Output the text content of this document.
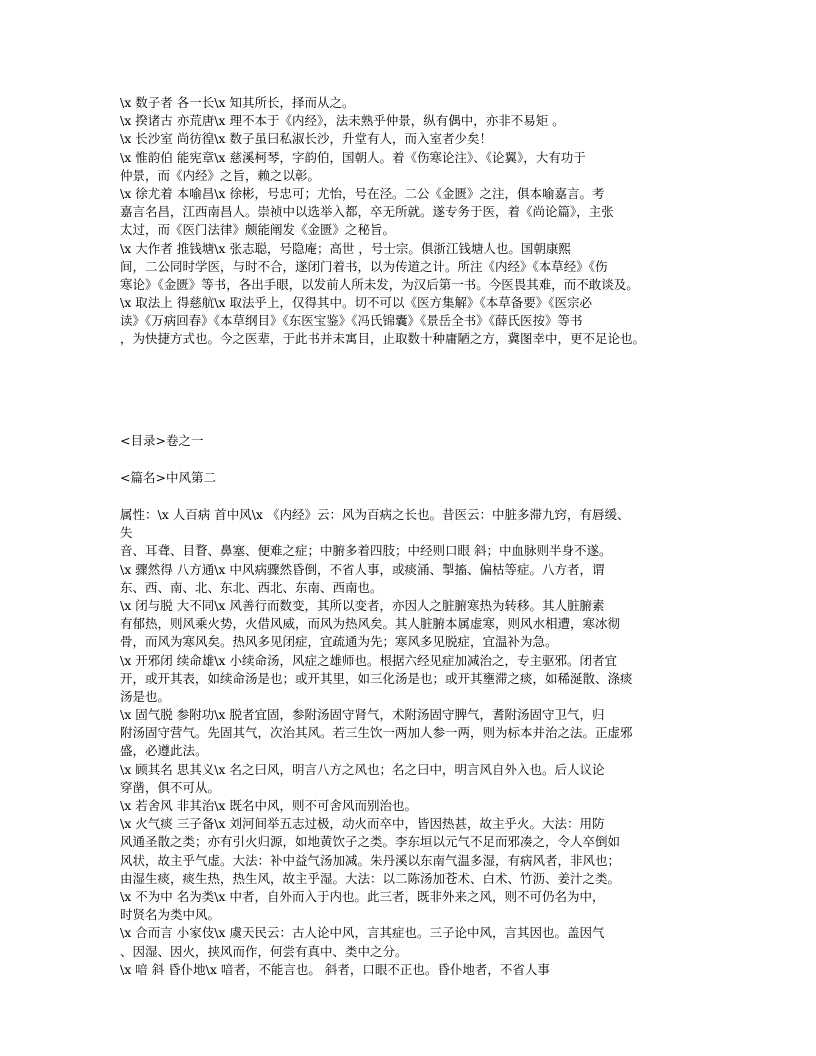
\x 数子者 各一长\x 知其所长，择而从之。
\x 揆诸古 亦荒唐\x 理不本于《内经》，法未熟乎仲景，纵有偶中，亦非不易矩 。
\x 长沙室 尚彷徨\x 数子虽曰私淑长沙，升堂有人，而入室者少矣！
\x 惟韵伯 能宪章\x 慈溪柯琴，字韵伯，国朝人。着《伤寒论注》、《论翼》，大有功于
仲景，而《内经》之旨，赖之以彰。
\x 徐尤着 本喻昌\x 徐彬，号忠可；尤怡，号在泾。二公《金匮》之注，俱本喻嘉言。考
嘉言名昌，江西南昌人。崇祯中以选举入都，卒无所就。遂专务于医，着《尚论篇》，主张
太过，而《医门法律》颇能阐发《金匮》之秘旨。
\x 大作者 推钱塘\x 张志聪，号隐庵；高世 ，号士宗。俱浙江钱塘人也。国朝康熙
间，二公同时学医，与时不合，遂闭门着书，以为传道之计。所注《内经》《本草经》《伤
寒论》《金匮》等书，各出手眼，以发前人所未发，为汉后第一书。今医畏其难，而不敢谈及。
\x 取法上 得慈航\x 取法乎上，仅得其中。切不可以《医方集解》《本草备要》《医宗必
读》《万病回春》《本草纲目》《东医宝鉴》《冯氏锦囊》《景岳全书》《薛氏医按》等书
，为快捷方式也。今之医辈，于此书并未寓目，止取数十种庸陋之方，冀图幸中，更不足论也。
<目录>卷之一
<篇名>中风第二
属性：\x 人百病 首中风\x 《内经》云：风为百病之长也。昔医云：中脏多滞九窍，有唇缓、
失
音、耳聋、目瞀、鼻塞、便难之症；中腑多着四肢；中经则口眼 斜；中血脉则半身不遂。
\x 骤然得 八方通\x 中风病骤然昏倒，不省人事，或痰涌、掣搐、偏枯等症。八方者，谓
东、西、南、北、东北、西北、东南、西南也。
\x 闭与脱 大不同\x 风善行而数变，其所以变者，亦因人之脏腑寒热为转移。其人脏腑素
有郁热，则风乘火势，火借风威，而风为热风矣。其人脏腑本属虚寒，则风水相遭，寒冰彻
骨，而风为寒风矣。热风多见闭症，宜疏通为先；寒风多见脱症，宜温补为急。
\x 开邪闭 续命雄\x 小续命汤，风症之雄师也。根据六经见症加减治之，专主驱邪。闭者宜
开，或开其表，如续命汤是也；或开其里，如三化汤是也；或开其壅滞之痰，如稀涎散、涤痰
汤是也。
\x 固气脱 参附功\x 脱者宜固，参附汤固守肾气，术附汤固守脾气，耆附汤固守卫气，归
附汤固守营气。先固其气，次治其风。若三生饮一两加人参一两，则为标本并治之法。正虚邪
盛，必遵此法。
\x 顾其名 思其义\x 名之曰风，明言八方之风也；名之曰中，明言风自外入也。后人议论
穿凿，俱不可从。
\x 若舍风 非其治\x 既名中风，则不可舍风而别治也。
\x 火气痰 三子备\x 刘河间举五志过极，动火而卒中，皆因热甚，故主乎火。大法：用防
风通圣散之类；亦有引火归源，如地黄饮子之类。李东垣以元气不足而邪凑之，令人卒倒如
风状，故主乎气虚。大法：补中益气汤加减。朱丹溪以东南气温多湿，有病风者，非风也；
由湿生痰，痰生热，热生风，故主乎湿。大法：以二陈汤加苍术、白术、竹沥、姜汁之类。
\x 不为中 名为类\x 中者，自外而入于内也。此三者，既非外来之风，则不可仍名为中，
时贤名为类中风。
\x 合而言 小家伎\x 虞天民云：古人论中风，言其症也。三子论中风，言其因也。盖因气
、因湿、因火，挟风而作，何尝有真中、类中之分。
\x 喑 斜 昏仆地\x 喑者，不能言也。 斜者，口眼不正也。昏仆地者，不省人事
